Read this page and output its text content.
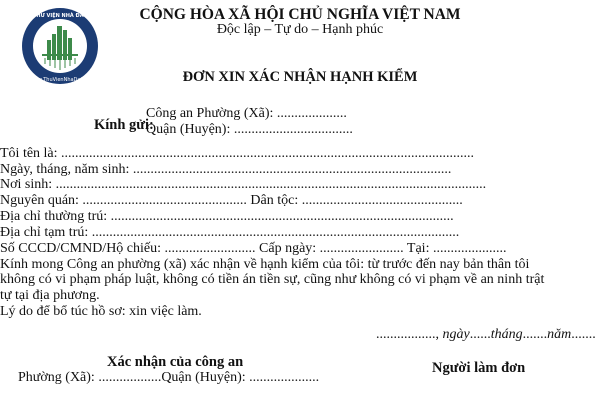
THƯ VIỆN NHÀ ĐẤT
www.ThuVienNhaDat.vn
CỘNG HÒA XÃ HỘI CHỦ NGHĨA VIỆT NAM
Độc lập – Tự do – Hạnh phúc
ĐƠN XIN XÁC NHẬN HẠNH KIỂM
Kính gửi:
Công an Phường (Xã): ....................
Quận (Huyện): ..................................
Tôi tên là: ......................................................................................................................
Ngày, tháng, năm sinh: ...........................................................................................
Nơi sinh: ...........................................................................................................................
Nguyên quán: ............................................... Dân tộc: ..............................................
Địa chỉ thường trú: ..................................................................................................
Địa chỉ tạm trú: .........................................................................................................
Số CCCD/CMND/Hộ chiếu: .......................... Cấp ngày: ........................ Tại: .....................
Kính mong Công an phường (xã) xác nhận về hạnh kiểm của tôi: từ trước đến nay bản thân tôi
không có vi phạm pháp luật, không có tiền án tiền sự, cũng như không có vi phạm về an ninh trật
tự tại địa phương.
Lý do để bổ túc hồ sơ: xin việc làm.
................., ngày......tháng.......năm.......
Xác nhận của công an
Phường (Xã): ..................Quận (Huyện): ....................
Người làm đơn
